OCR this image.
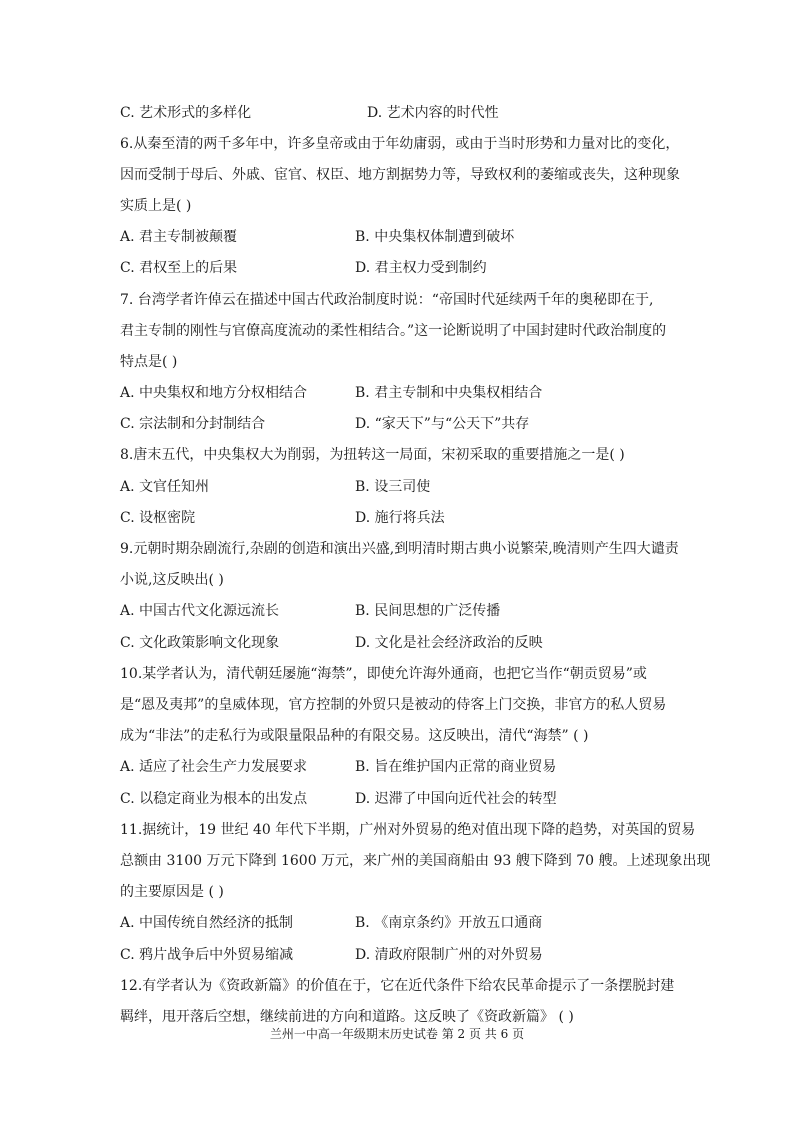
C. 艺术形式的多样化	D. 艺术内容的时代性
6.从秦至清的两千多年中，许多皇帝或由于年幼庸弱，或由于当时形势和力量对比的变化，
因而受制于母后、外戚、宦官、权臣、地方割据势力等，导致权利的萎缩或丧失，这种现象
实质上是( )
A. 君主专制被颠覆	B. 中央集权体制遭到破坏
C. 君权至上的后果	D. 君主权力受到制约
7. 台湾学者许倬云在描述中国古代政治制度时说：“帝国时代延续两千年的奥秘即在于,
君主专制的刚性与官僚高度流动的柔性相结合。”这一论断说明了中国封建时代政治制度的
特点是( )
A. 中央集权和地方分权相结合	B. 君主专制和中央集权相结合
C. 宗法制和分封制结合	D. “家天下”与“公天下”共存
8.唐末五代，中央集权大为削弱，为扭转这一局面，宋初采取的重要措施之一是( )
A. 文官任知州	B. 设三司使
C. 设枢密院	D. 施行将兵法
9.元朝时期杂剧流行,杂剧的创造和演出兴盛,到明清时期古典小说繁荣,晚清则产生四大谴责
小说,这反映出( )
A. 中国古代文化源远流长	B. 民间思想的广泛传播
C. 文化政策影响文化现象	D. 文化是社会经济政治的反映
10.某学者认为，清代朝廷屡施“海禁”，即使允许海外通商，也把它当作“朝贡贸易”或
是“恩及夷邦”的皇威体现，官方控制的外贸只是被动的侍客上门交换，非官方的私人贸易
成为“非法”的走私行为或限量限品种的有限交易。这反映出，清代“海禁” ( )
A. 适应了社会生产力发展要求	B. 旨在维护国内正常的商业贸易
C. 以稳定商业为根本的出发点	D. 迟滞了中国向近代社会的转型
11.据统计，19 世纪 40 年代下半期，广州对外贸易的绝对值出现下降的趋势，对英国的贸易
总额由 3100 万元下降到 1600 万元，来广州的美国商船由 93 艘下降到 70 艘。上述现象出现
的主要原因是 ( )
A. 中国传统自然经济的抵制	B. 《南京条约》开放五口通商
C. 鸦片战争后中外贸易缩减	D. 清政府限制广州的对外贸易
12.有学者认为《资政新篇》的价值在于，它在近代条件下给农民革命提示了一条摆脱封建
羁绊，甩开落后空想，继续前进的方向和道路。这反映了《资政新篇》 ( )
兰州一中高一年级期末历史试卷 第 2 页 共 6 页
